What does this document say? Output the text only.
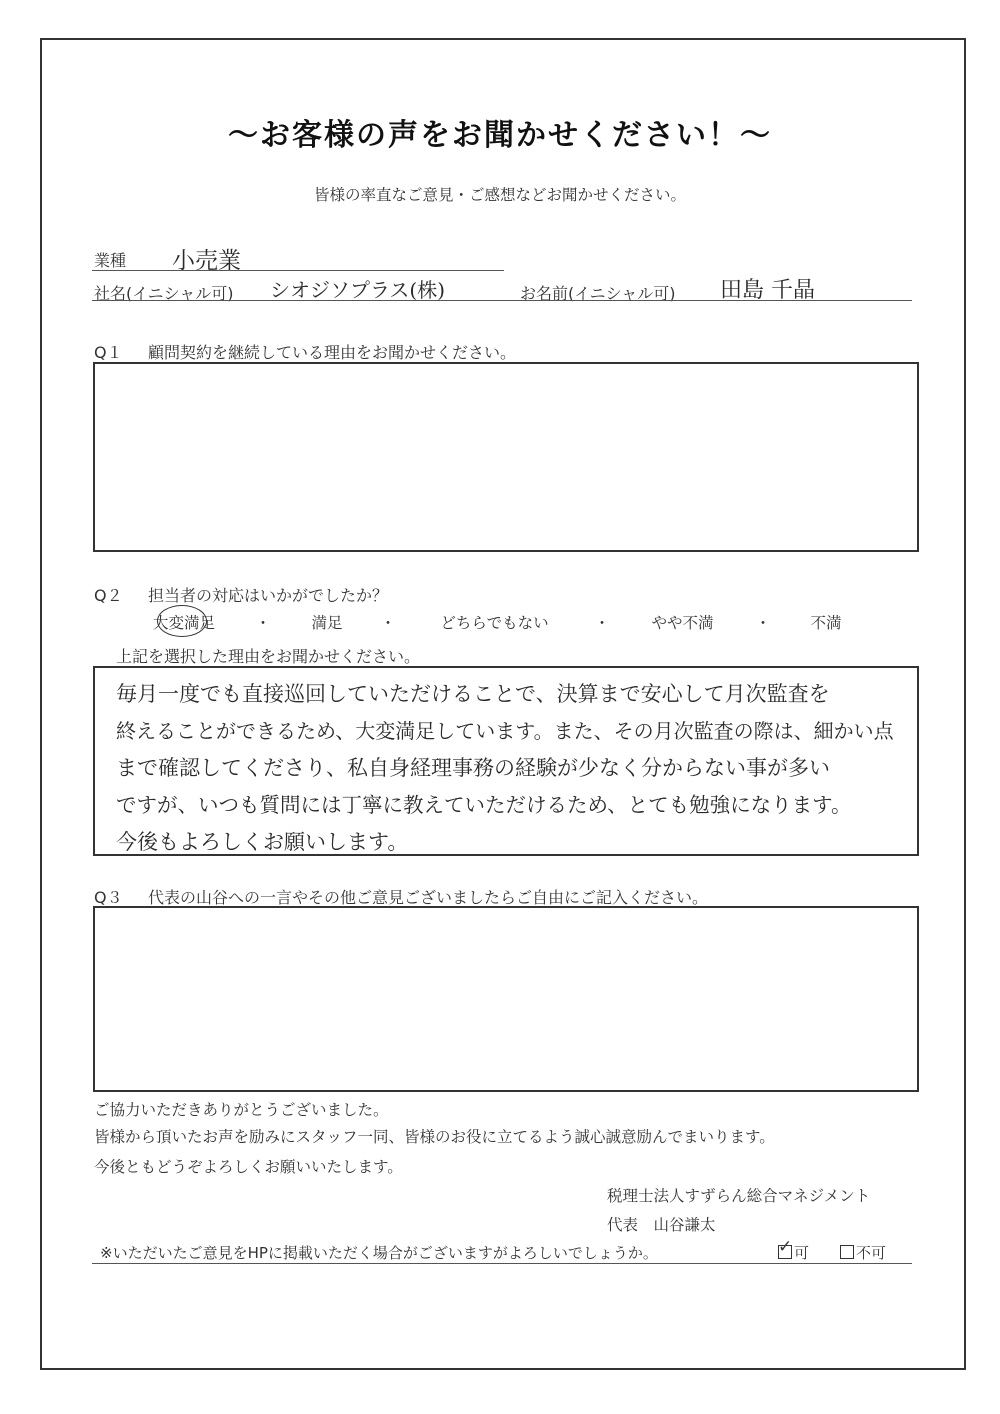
〜お客様の声をお聞かせください！〜
皆様の率直なご意見・ご感想などお聞かせください。
業種 小売業
社名(イニシャル可) シオジソプラス(株)	お名前(イニシャル可) 田島 千晶
Q１ 顧問契約を継続している理由をお聞かせください。
Q２ 担当者の対応はいかがでしたか？
大変満足	・	満足	・	どちらでもない	・	やや不満	・	不満
上記を選択した理由をお聞かせください。
毎月一度でも直接巡回していただけることで、決算まで安心して月次監査を
終えることができるため、大変満足しています。また、その月次監査の際は、細かい点
まで確認してくださり、私自身経理事務の経験が少なく分からない事が多い
ですが、いつも質問には丁寧に教えていただけるため、とても勉強になります。
今後もよろしくお願いします。
Q３ 代表の山谷への一言やその他ご意見ございましたらご自由にご記入ください。
ご協力いただきありがとうございました。
皆様から頂いたお声を励みにスタッフ一同、皆様のお役に立てるよう誠心誠意励んでまいります。
今後ともどうぞよろしくお願いいたします。
税理士法人すずらん総合マネジメント
代表　山谷謙太
※いただいたご意見をHPに掲載いただく場合がございますがよろしいでしょうか。
✓	可	不可
